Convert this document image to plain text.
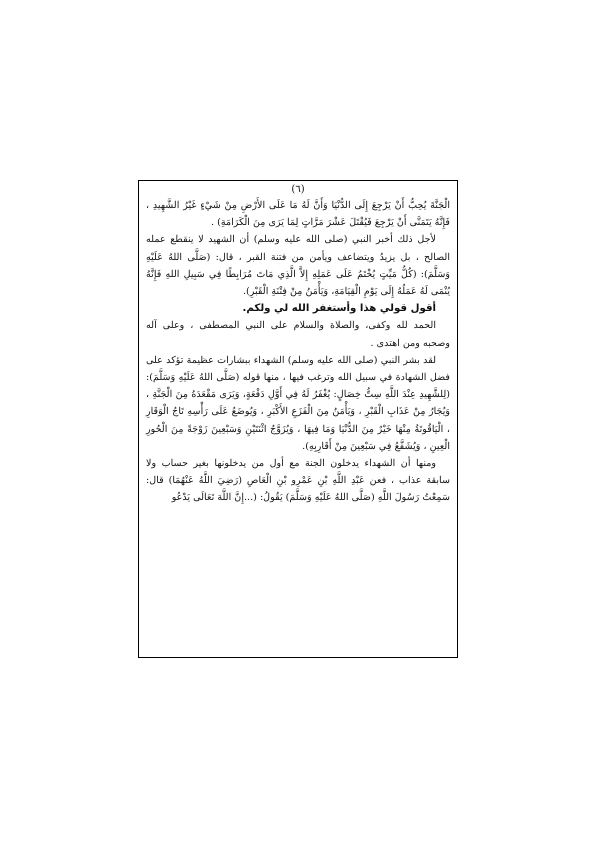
(٦)

الْجَنَّةَ يُحِبُّ أَنْ يَرْجِعَ إِلَى الدُّنْيَا وَأَنَّ لَهُ مَا عَلَى الأَرْضِ مِنْ شَيْءٍ غَيْرُ الشَّهِيدِ ، فَإِنَّهُ يَتَمَنَّى أَنْ يَرْجِعَ فَيُقْتَلَ عَشْرَ مَرَّاتٍ لِمَا يَرَى مِنَ الْكَرَامَةِ) .

لأجل ذلك أخبر النبي (صلى الله عليه وسلم) أن الشهيد لا ينقطع عمله الصالح ، بل يزيدُ ويتضاعف ويأمن من فتنة القبر ، قال: (صَلَّى اللهُ عَلَيْهِ وَسَلَّمَ): (كُلُّ مَيِّتٍ يُخْتَمُ عَلَى عَمَلِهِ إِلاَّ الَّذِي مَاتَ مُرَابِطًا فِي سَبِيلِ اللهِ فَإِنَّهُ يُنْمَى لَهُ عَمَلُهُ إِلَى يَوْمِ الْقِيَامَةِ، وَيَأْمَنُ مِنْ فِتْنَةِ الْقَبْرِ).

أقول قولي هذا وأستغفر الله لي ولكم.

الحمد لله وكفى، والصلاة والسلام على النبي المصطفى ، وعلى آله وصحبه ومن اهتدى .

لقد بشر النبي (صلى الله عليه وسلم) الشهداء ببشارات عظيمة تؤكد على فضل الشهادة في سبيل الله وترغب فيها ، منها قوله (صَلَّى اللهُ عَلَيْهِ وَسَلَّمَ): (لِلشَّهِيدِ عِنْدَ اللَّهِ سِتُّ خِصَالٍ: يُغْفَرُ لَهُ فِي أَوَّلِ دَفْعَةٍ، وَيَرَى مَقْعَدَهُ مِنَ الْجَنَّةِ ، وَيُجَارُ مِنْ عَذَابِ الْقَبْرِ ، وَيَأْمَنُ مِنَ الْفَزَعِ الأَكْبَرِ ، وَيُوضَعُ عَلَى رَأْسِهِ تَاجُ الْوَقَارِ ، الْيَاقُوتَةُ مِنْهَا خَيْرٌ مِنَ الدُّنْيَا وَمَا فِيهَا ، وَيُزَوَّجُ اثْنَتَيْنِ وَسَبْعِينَ زَوْجَةً مِنَ الْحُورِ الْعِينِ ، وَيُشَفَّعُ فِي سَبْعِينَ مِنْ أَقَارِبِهِ).

ومنها أن الشهداء يدخلون الجنة مع أول من يدخلونها بغير حساب ولا سابقة عذاب ، فعن عَبْدِ اللَّهِ بْنِ عَمْرِو بْنِ الْعَاصِ (رَضِيَ اللَّهُ عَنْهُمَا) قال: سَمِعْتُ رَسُولَ اللَّهِ (صَلَّى اللهُ عَلَيْهِ وَسَلَّمَ) يَقُولُ: (...إِنَّ اللَّهَ تَعَالَى يَدْعُو
